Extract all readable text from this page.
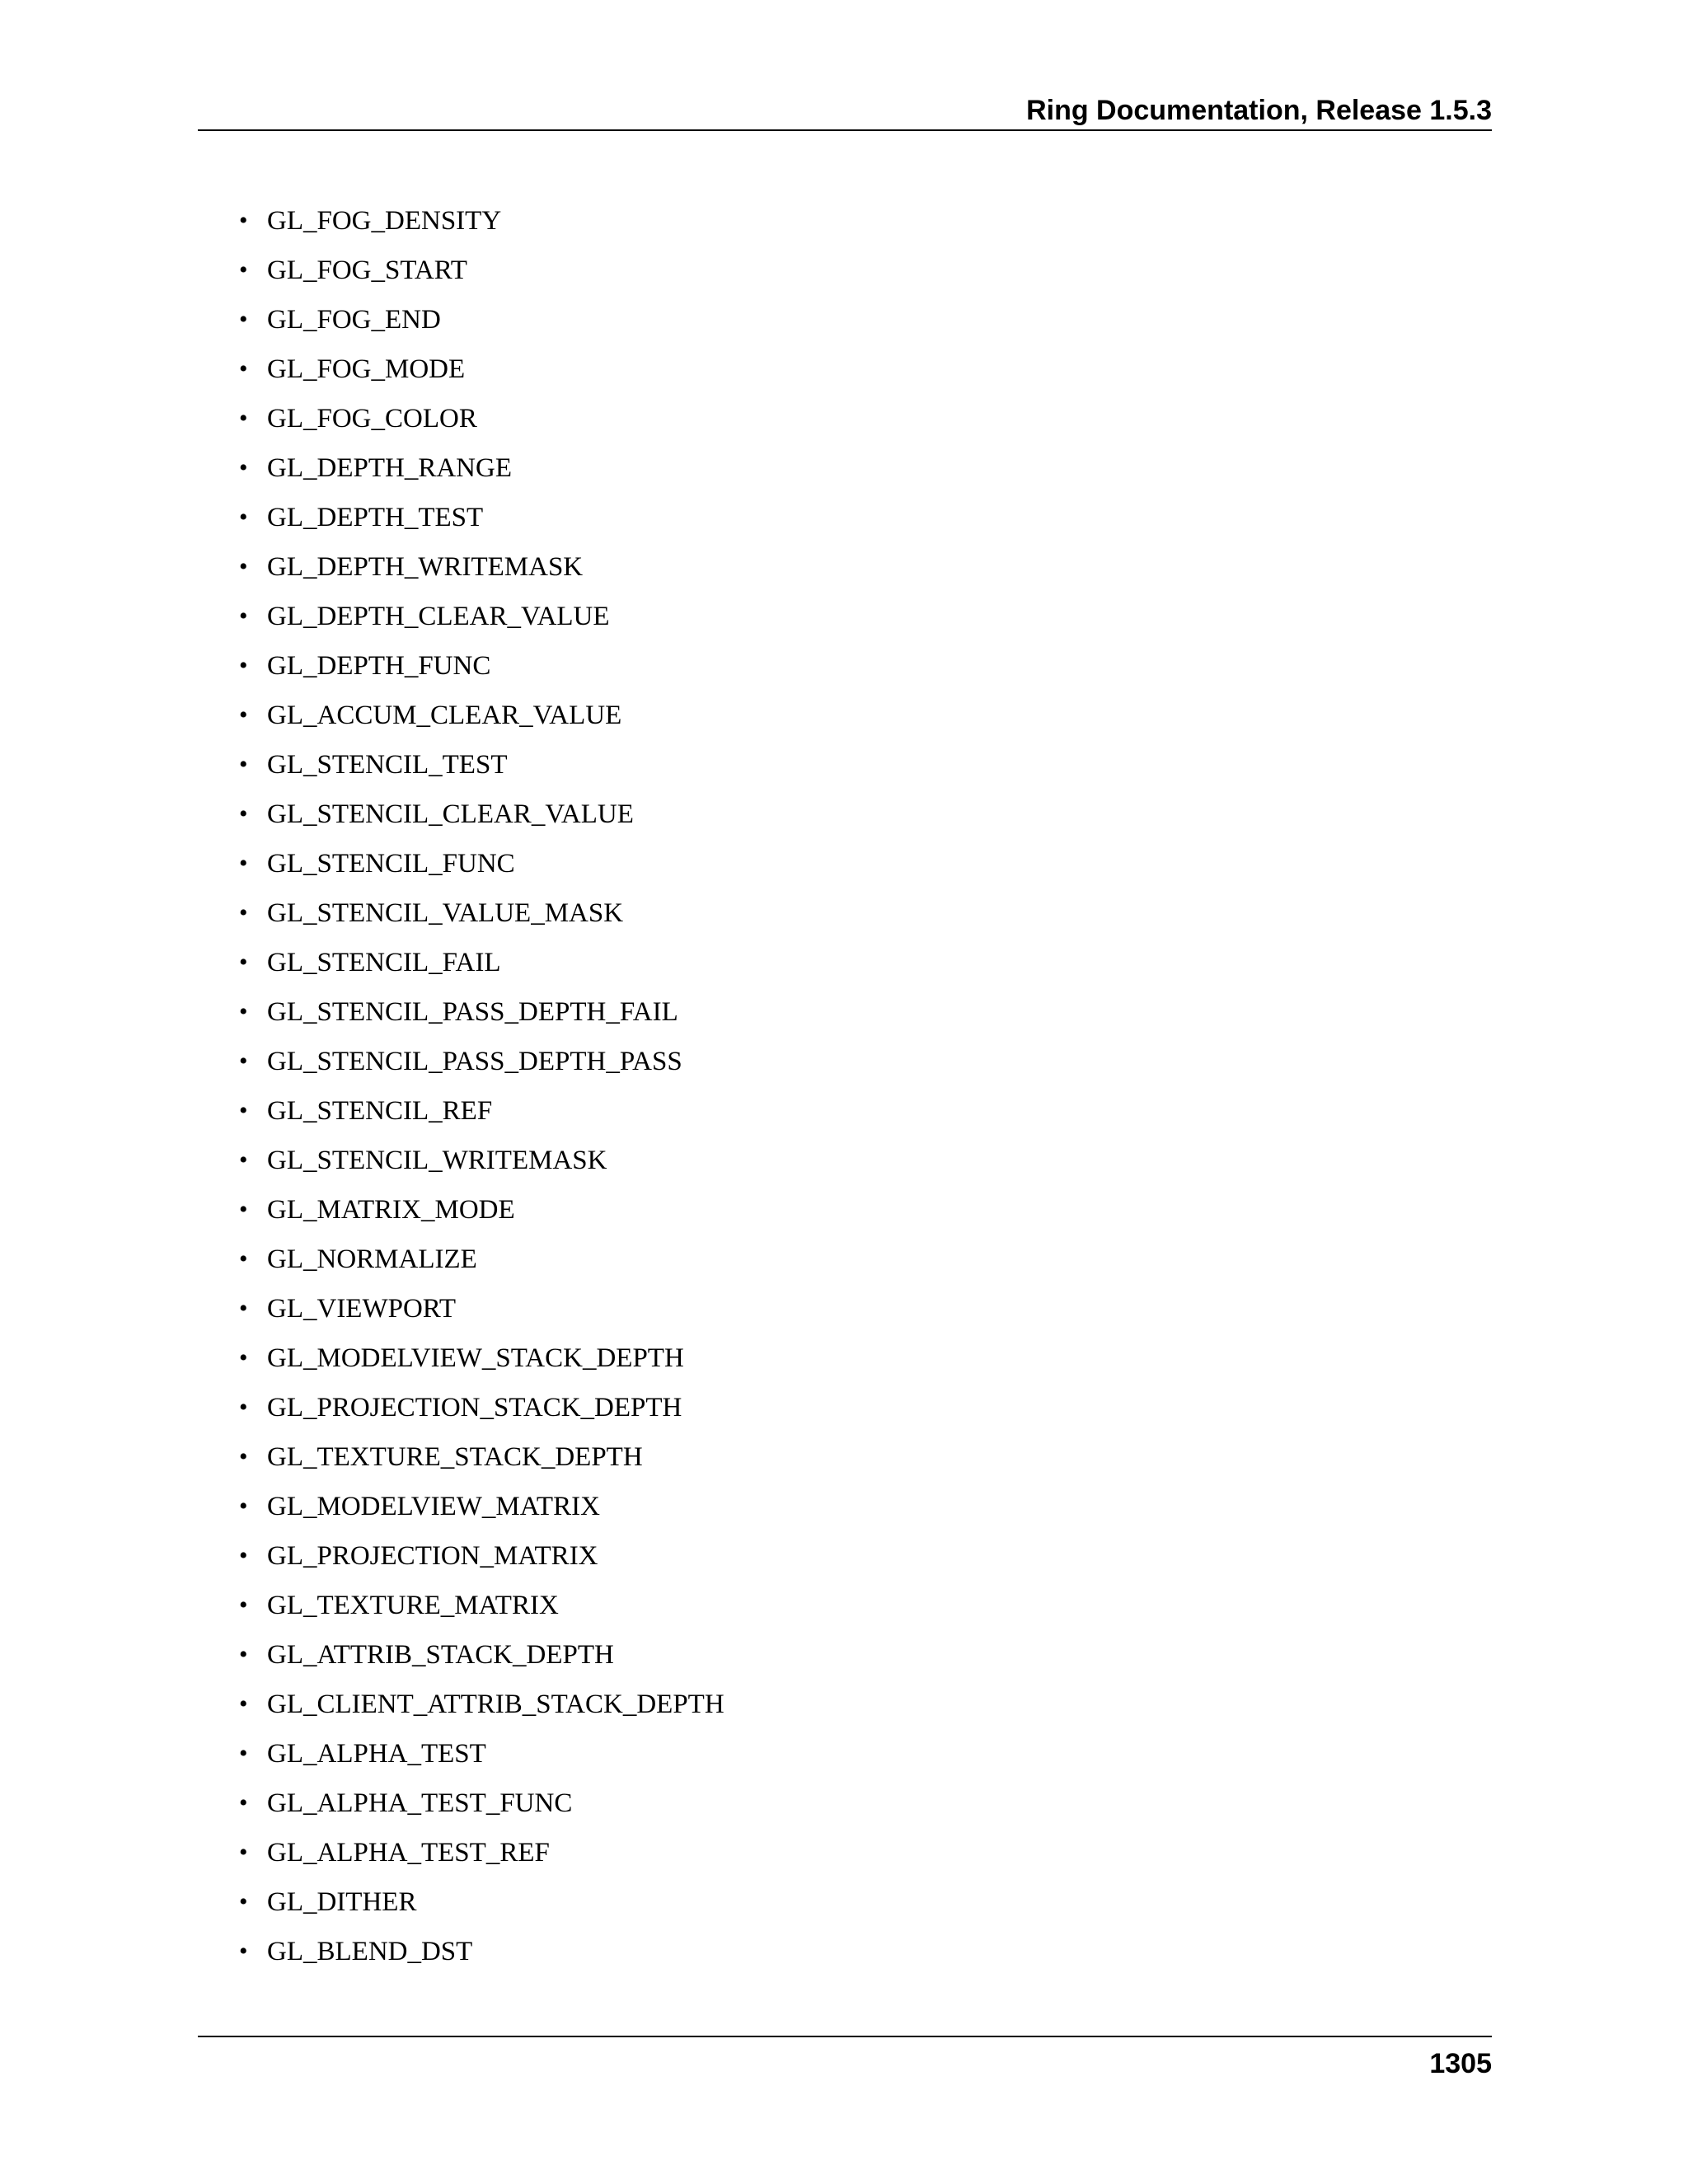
Ring Documentation, Release 1.5.3
• GL_FOG_DENSITY
• GL_FOG_START
• GL_FOG_END
• GL_FOG_MODE
• GL_FOG_COLOR
• GL_DEPTH_RANGE
• GL_DEPTH_TEST
• GL_DEPTH_WRITEMASK
• GL_DEPTH_CLEAR_VALUE
• GL_DEPTH_FUNC
• GL_ACCUM_CLEAR_VALUE
• GL_STENCIL_TEST
• GL_STENCIL_CLEAR_VALUE
• GL_STENCIL_FUNC
• GL_STENCIL_VALUE_MASK
• GL_STENCIL_FAIL
• GL_STENCIL_PASS_DEPTH_FAIL
• GL_STENCIL_PASS_DEPTH_PASS
• GL_STENCIL_REF
• GL_STENCIL_WRITEMASK
• GL_MATRIX_MODE
• GL_NORMALIZE
• GL_VIEWPORT
• GL_MODELVIEW_STACK_DEPTH
• GL_PROJECTION_STACK_DEPTH
• GL_TEXTURE_STACK_DEPTH
• GL_MODELVIEW_MATRIX
• GL_PROJECTION_MATRIX
• GL_TEXTURE_MATRIX
• GL_ATTRIB_STACK_DEPTH
• GL_CLIENT_ATTRIB_STACK_DEPTH
• GL_ALPHA_TEST
• GL_ALPHA_TEST_FUNC
• GL_ALPHA_TEST_REF
• GL_DITHER
• GL_BLEND_DST
1305
